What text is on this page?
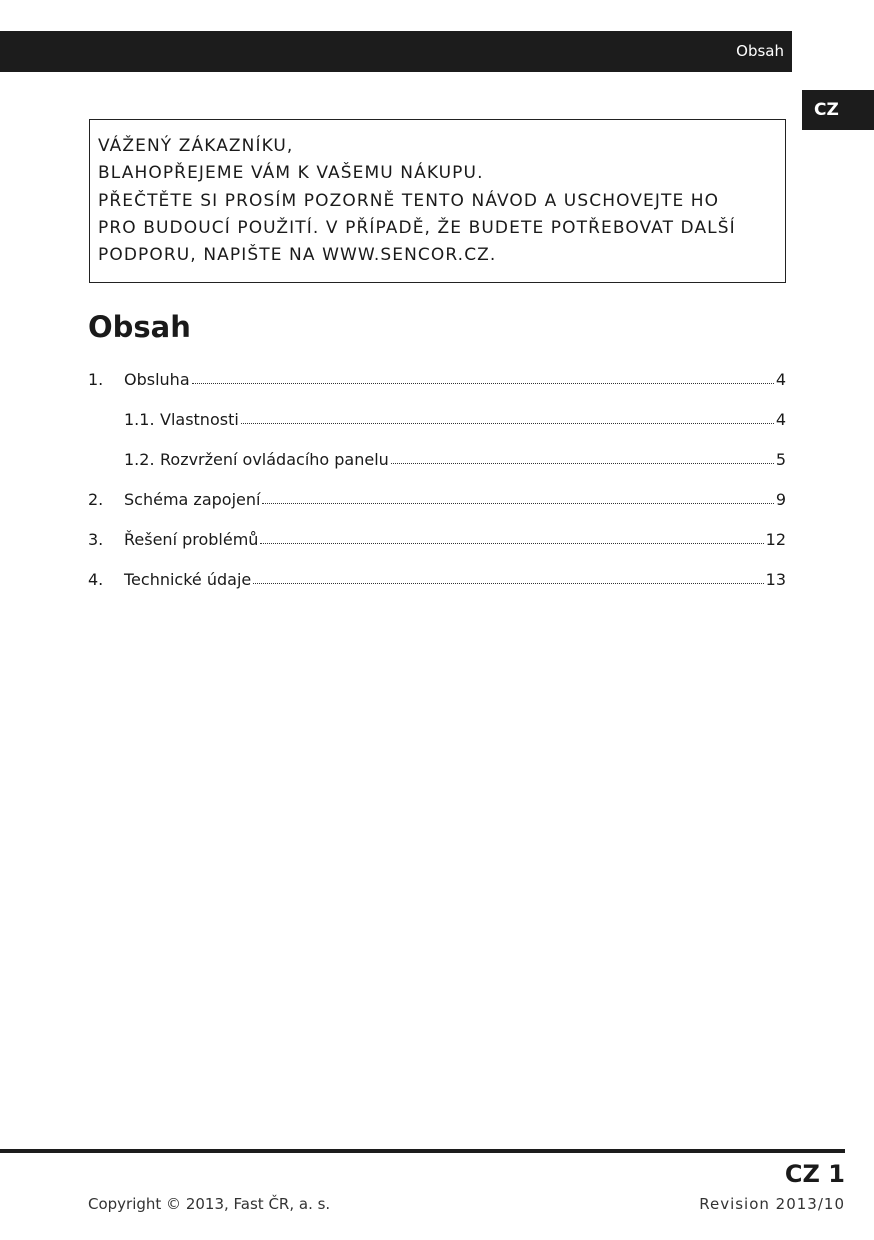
Obsah
CZ
VÁŽENÝ ZÁKAZNÍKU,
BLAHOPŘEJEME VÁM K VAŠEMU NÁKUPU.
PŘEČTĚTE SI PROSÍM POZORNĚ TENTO NÁVOD A USCHOVEJTE HO
PRO BUDOUCÍ POUŽITÍ. V PŘÍPADĚ, ŽE BUDETE POTŘEBOVAT DALŠÍ
PODPORU, NAPIŠTE NA WWW.SENCOR.CZ.
Obsah
1.	Obsluha	4
1.1. Vlastnosti	4
1.2. Rozvržení ovládacího panelu	5
2.	Schéma zapojení	9
3.	Řešení problémů	12
4.	Technické údaje	13
CZ 1
Copyright © 2013, Fast ČR, a. s.	Revision 2013/10
